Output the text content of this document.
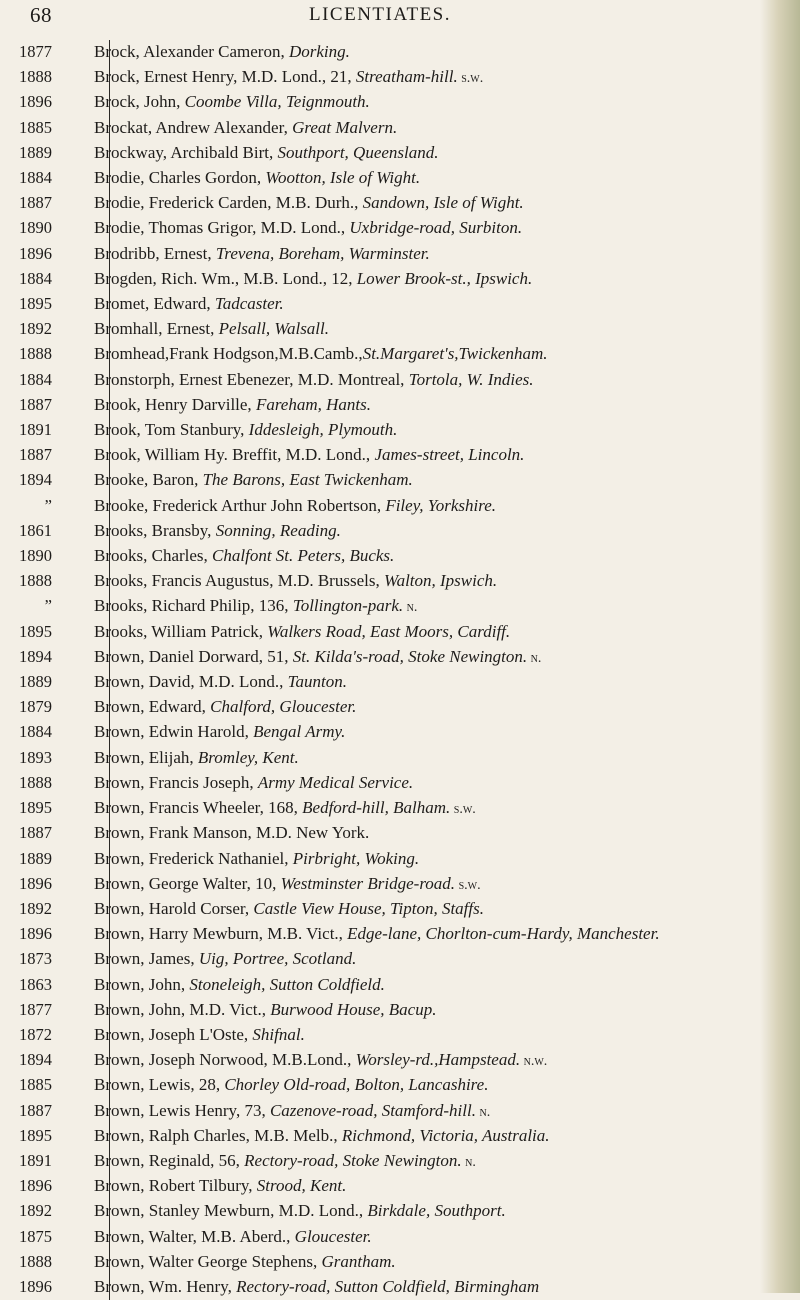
68	LICENTIATES.
1877	Brock, Alexander Cameron, Dorking.
1888	Brock, Ernest Henry, M.D. Lond., 21, Streatham-hill. s.w.
1896	Brock, John, Coombe Villa, Teignmouth.
1885	Brockat, Andrew Alexander, Great Malvern.
1889	Brockway, Archibald Birt, Southport, Queensland.
1884	Brodie, Charles Gordon, Wootton, Isle of Wight.
1887	Brodie, Frederick Carden, M.B. Durh., Sandown, Isle of Wight.
1890	Brodie, Thomas Grigor, M.D. Lond., Uxbridge-road, Surbiton.
1896	Brodribb, Ernest, Trevena, Boreham, Warminster.
1884	Brogden, Rich. Wm., M.B. Lond., 12, Lower Brook-st., Ipswich.
1895	Bromet, Edward, Tadcaster.
1892	Bromhall, Ernest, Pelsall, Walsall.
1888	Bromhead,Frank Hodgson,M.B.Camb.,St.Margaret's,Twickenham.
1884	Bronstorph, Ernest Ebenezer, M.D. Montreal, Tortola, W. Indies.
1887	Brook, Henry Darville, Fareham, Hants.
1891	Brook, Tom Stanbury, Iddesleigh, Plymouth.
1887	Brook, William Hy. Breffit, M.D. Lond., James-street, Lincoln.
1894	Brooke, Baron, The Barons, East Twickenham.
”	Brooke, Frederick Arthur John Robertson, Filey, Yorkshire.
1861	Brooks, Bransby, Sonning, Reading.
1890	Brooks, Charles, Chalfont St. Peters, Bucks.
1888	Brooks, Francis Augustus, M.D. Brussels, Walton, Ipswich.
”	Brooks, Richard Philip, 136, Tollington-park. n.
1895	Brooks, William Patrick, Walkers Road, East Moors, Cardiff.
1894	Brown, Daniel Dorward, 51, St. Kilda's-road, Stoke Newington. n.
1889	Brown, David, M.D. Lond., Taunton.
1879	Brown, Edward, Chalford, Gloucester.
1884	Brown, Edwin Harold, Bengal Army.
1893	Brown, Elijah, Bromley, Kent.
1888	Brown, Francis Joseph, Army Medical Service.
1895	Brown, Francis Wheeler, 168, Bedford-hill, Balham. s.w.
1887	Brown, Frank Manson, M.D. New York.
1889	Brown, Frederick Nathaniel, Pirbright, Woking.
1896	Brown, George Walter, 10, Westminster Bridge-road. s.w.
1892	Brown, Harold Corser, Castle View House, Tipton, Staffs.
1896	Brown, Harry Mewburn, M.B. Vict., Edge-lane, Chorlton-cum-Hardy, Manchester.
1873	Brown, James, Uig, Portree, Scotland.
1863	Brown, John, Stoneleigh, Sutton Coldfield.
1877	Brown, John, M.D. Vict., Burwood House, Bacup.
1872	Brown, Joseph L'Oste, Shifnal.
1894	Brown, Joseph Norwood, M.B.Lond., Worsley-rd.,Hampstead. n.w.
1885	Brown, Lewis, 28, Chorley Old-road, Bolton, Lancashire.
1887	Brown, Lewis Henry, 73, Cazenove-road, Stamford-hill. n.
1895	Brown, Ralph Charles, M.B. Melb., Richmond, Victoria, Australia.
1891	Brown, Reginald, 56, Rectory-road, Stoke Newington. n.
1896	Brown, Robert Tilbury, Strood, Kent.
1892	Brown, Stanley Mewburn, M.D. Lond., Birkdale, Southport.
1875	Brown, Walter, M.B. Aberd., Gloucester.
1888	Brown, Walter George Stephens, Grantham.
1896	Brown, Wm. Henry, Rectory-road, Sutton Coldfield, Birmingham
